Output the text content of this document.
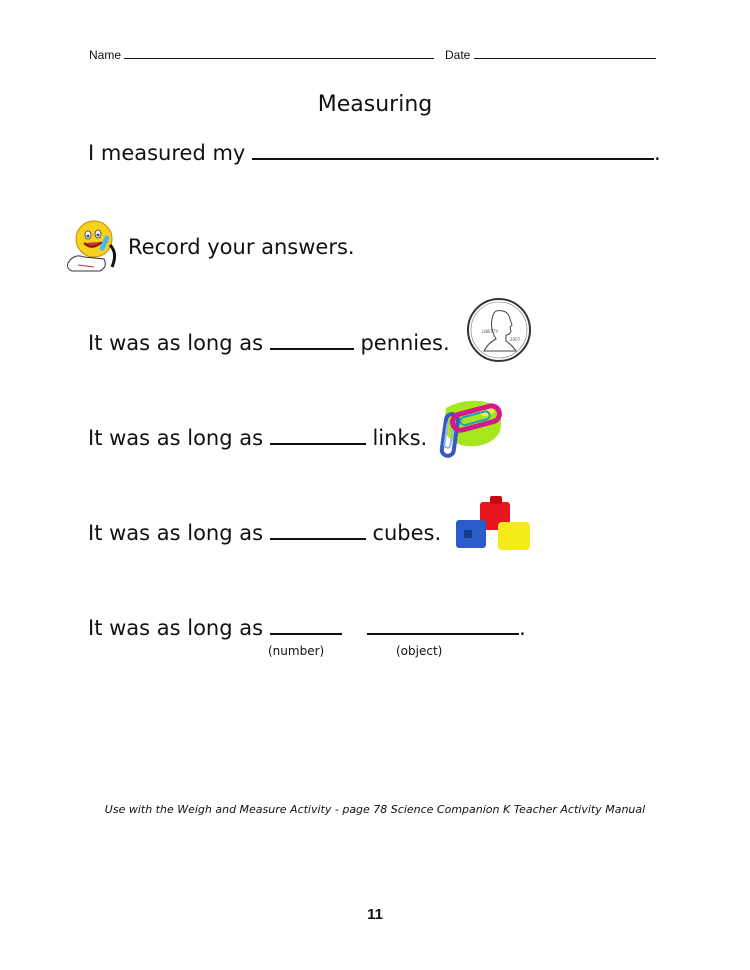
Name	Date
Measuring
I measured my	.
Record your answers.
It was as long as	pennies.	LIBERTY
2007
It was as long as	links.
It was as long as	cubes.
It was as long as	.
(number)	(object)
Use with the Weigh and Measure Activity - page 78 Science Companion K Teacher Activity Manual
11
